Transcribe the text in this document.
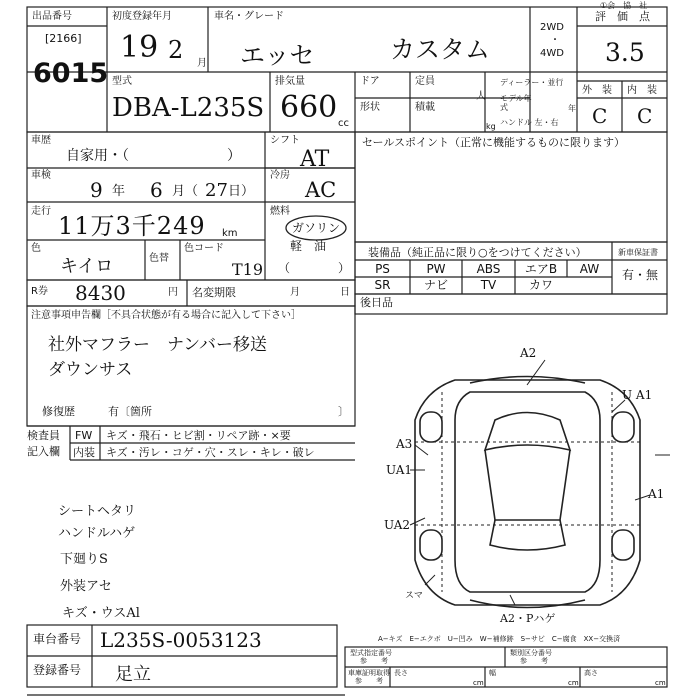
①会　協　社
出品番号
[2166]
6015
初度登録年月
19 2 月
車名・グレード
エッセ	カスタム
2WD
・
4WD
評　価　点
3.5
型式
DBA-L235S
排気量
660 cc
ドア
形状
定員
人
積載
kg
ディーラー・並行
モデル年式	年
ハンドル 左・右
外　装 内　装
C C
車歴
自家用・（　　　　　　　）
シフト
AT
冷房
AC
車検
9 年 6 月（ 27 日）
走行
11万3千249 km
燃料
ガソリン
軽　油
（　　　　）
色
キイロ	色替
色コード
T19
R券 8430	円 名変期限	月	日
注意事項申告欄［不具合状態が有る場合に記入して下さい］
社外マフラー　ナンバー移送
ダウンサス
修復歴	有〔箇所	〕
検査員
記入欄
FW キズ・飛石・ヒビ割・リペア跡・×要
内装 キズ・汚レ・コゲ・穴・スレ・キレ・破レ
シートヘタリ
ハンドルハゲ
下廻りS
外装アセ
キズ・ウスAl
セールスポイント（正常に機能するものに限ります）
装備品（純正品に限り○をつけてください）
PS	PW	ABS	エアB	AW
SR	ナビ	TV	カワ
新車保証書
有・無
後日品
A2
U A1
A1
A3
UA1
UA2
A2・Pハゲ
スマ
A−キズ　E−エクボ　U−凹み　W−補修跡　S−サビ　C−腐食　XX−交換済
車台番号 L235S-0053123
登録番号 足立
型式指定番号
参　　考
類別区分番号
参　　考
車庫証明取得
参　　考
長さ
cm
幅
cm
高さ
cm
